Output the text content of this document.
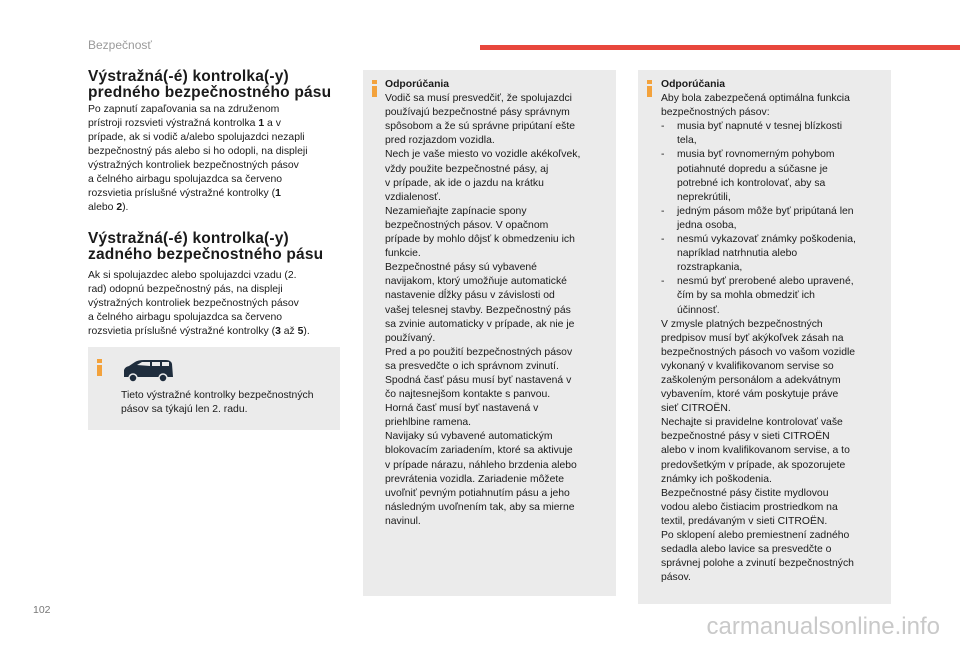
Bezpečnosť
Výstražná(-é) kontrolka(-y)
predného bezpečnostného pásu
Po zapnutí zapaľovania sa na združenom
prístroji rozsvieti výstražná kontrolka 1 a v
prípade, ak si vodič a/alebo spolujazdci nezapli
bezpečnostný pás alebo si ho odopli, na displeji
výstražných kontroliek bezpečnostných pásov
a čelného airbagu spolujazdca sa červeno
rozsvietia príslušné výstražné kontrolky (1
alebo 2).
Výstražná(-é) kontrolka(-y)
zadného bezpečnostného pásu
Ak si spolujazdec alebo spolujazdci vzadu (2.
rad) odopnú bezpečnostný pás, na displeji
výstražných kontroliek bezpečnostných pásov
a čelného airbagu spolujazdca sa červeno
rozsvietia príslušné výstražné kontrolky (3 až 5).
Tieto výstražné kontrolky bezpečnostných
pásov sa týkajú len 2. radu.
Odporúčania
Vodič sa musí presvedčiť, že spolujazdci
používajú bezpečnostné pásy správnym
spôsobom a že sú správne pripútaní ešte
pred rozjazdom vozidla.
Nech je vaše miesto vo vozidle akékoľvek,
vždy použite bezpečnostné pásy, aj
v prípade, ak ide o jazdu na krátku
vzdialenosť.
Nezamieňajte zapínacie spony
bezpečnostných pásov. V opačnom
prípade by mohlo dôjsť k obmedzeniu ich
funkcie.
Bezpečnostné pásy sú vybavené
navijakom, ktorý umožňuje automatické
nastavenie dĺžky pásu v závislosti od
vašej telesnej stavby. Bezpečnostný pás
sa zvinie automaticky v prípade, ak nie je
používaný.
Pred a po použití bezpečnostných pásov
sa presvedčte o ich správnom zvinutí.
Spodná časť pásu musí byť nastavená v
čo najtesnejšom kontakte s panvou.
Horná časť musí byť nastavená v
priehlbine ramena.
Navijaky sú vybavené automatickým
blokovacím zariadením, ktoré sa aktivuje
v prípade nárazu, náhleho brzdenia alebo
prevrátenia vozidla. Zariadenie môžete
uvoľniť pevným potiahnutím pásu a jeho
následným uvoľnením tak, aby sa mierne
navinul.
Odporúčania
Aby bola zabezpečená optimálna funkcia
bezpečnostných pásov:
- musia byť napnuté v tesnej blízkosti
tela,
- musia byť rovnomerným pohybom
potiahnuté dopredu a súčasne je
potrebné ich kontrolovať, aby sa
neprekrútili,
- jedným pásom môže byť pripútaná len
jedna osoba,
- nesmú vykazovať známky poškodenia,
napríklad natrhnutia alebo
rozstrapkania,
- nesmú byť prerobené alebo upravené,
čím by sa mohla obmedziť ich
účinnosť.
V zmysle platných bezpečnostných
predpisov musí byť akýkoľvek zásah na
bezpečnostných pásoch vo vašom vozidle
vykonaný v kvalifikovanom servise so
zaškoleným personálom a adekvátnym
vybavením, ktoré vám poskytuje práve
sieť CITROËN.
Nechajte si pravidelne kontrolovať vaše
bezpečnostné pásy v sieti CITROËN
alebo v inom kvalifikovanom servise, a to
predovšetkým v prípade, ak spozorujete
známky ich poškodenia.
Bezpečnostné pásy čistite mydlovou
vodou alebo čistiacim prostriedkom na
textil, predávaným v sieti CITROËN.
Po sklopení alebo premiestnení zadného
sedadla alebo lavice sa presvedčte o
správnej polohe a zvinutí bezpečnostných
pásov.
102
carmanualsonline.info
